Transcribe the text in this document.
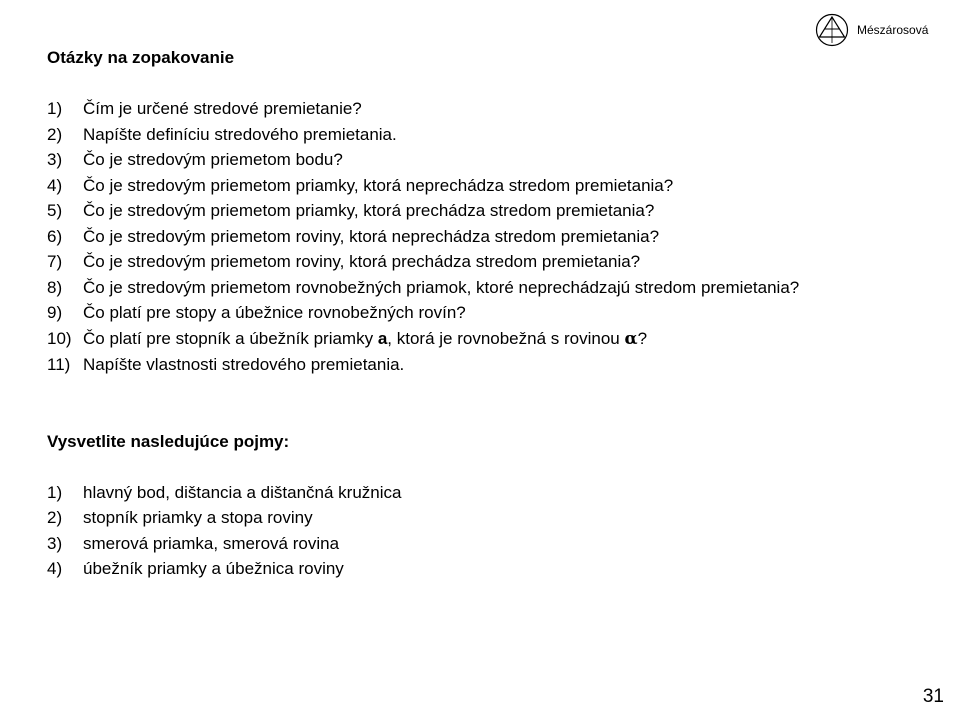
Mészárosová
Otázky na zopakovanie
1) Čím je určené stredové premietanie?
2) Napíšte definíciu stredového premietania.
3) Čo je stredovým priemetom bodu?
4) Čo je stredovým priemetom priamky, ktorá neprechádza stredom premietania?
5) Čo je stredovým priemetom priamky, ktorá prechádza stredom premietania?
6) Čo je stredovým priemetom roviny, ktorá neprechádza stredom premietania?
7) Čo je stredovým priemetom roviny, ktorá prechádza stredom premietania?
8) Čo je stredovým priemetom rovnobežných priamok, ktoré neprechádzajú stredom premietania?
9) Čo platí pre stopy a úbežnice rovnobežných rovín?
10) Čo platí pre stopník a úbežník priamky a, ktorá je rovnobežná s rovinou α?
11) Napíšte vlastnosti stredového premietania.
Vysvetlite nasledujúce pojmy:
1) hlavný bod, dištancia a dištančná kružnica
2) stopník priamky a stopa roviny
3) smerová priamka, smerová rovina
4) úbežník priamky a úbežnica roviny
31
